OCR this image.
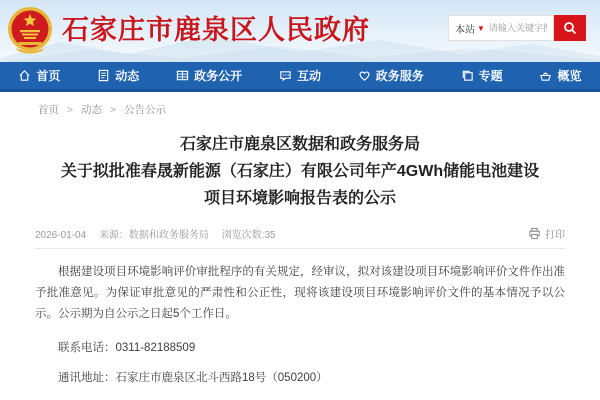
石家庄市鹿泉区人民政府	本站 ▼
请输入关键字搜索
首页	动态	政务公开	互动	政务服务	专题	概览
首页 > 动态 > 公告公示
石家庄市鹿泉区数据和政务服务局
关于拟批准春晟新能源（石家庄）有限公司年产4GWh储能电池建设
项目环境影响报告表的公示
2026-01-04 来源：数据和政务服务局 浏览次数:35	打印

根据建设项目环境影响评价审批程序的有关规定，经审议，拟对该建设项目环境影响评价文件作出准予批准意见。为保证审批意见的严肃性和公正性，现将该建设项目环境影响评价文件的基本情况予以公示。公示期为自公示之日起5个工作日。

联系电话：0311-82188509

通讯地址：石家庄市鹿泉区北斗西路18号（050200）
